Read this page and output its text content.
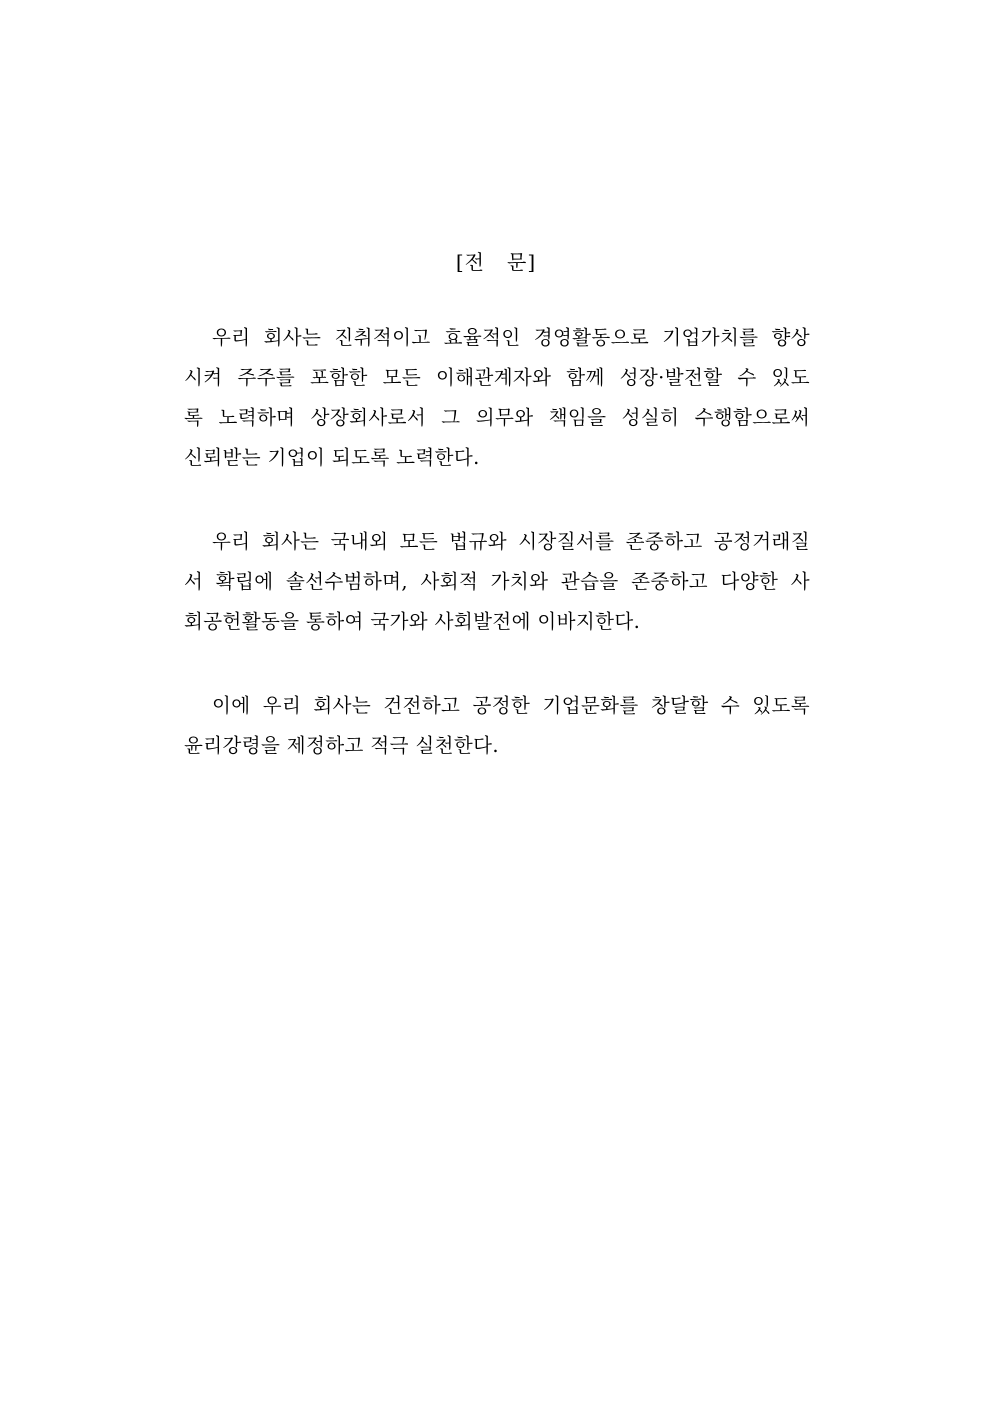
[전   문]
우리 회사는 진취적이고 효율적인 경영활동으로 기업가치를 향상
시켜 주주를 포함한 모든 이해관계자와 함께 성장·발전할 수 있도
록 노력하며 상장회사로서 그 의무와 책임을 성실히 수행함으로써
신뢰받는 기업이 되도록 노력한다.
우리 회사는 국내외 모든 법규와 시장질서를 존중하고 공정거래질
서 확립에 솔선수범하며, 사회적 가치와 관습을 존중하고 다양한 사
회공헌활동을 통하여 국가와 사회발전에 이바지한다.
이에 우리 회사는 건전하고 공정한 기업문화를 창달할 수 있도록
윤리강령을 제정하고 적극 실천한다.
